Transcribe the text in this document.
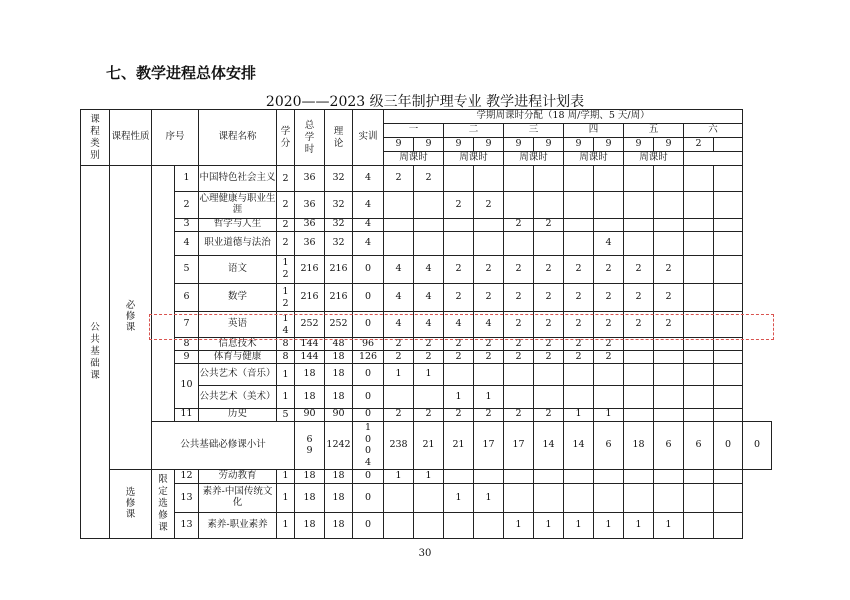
七、教学进程总体安排
2020——2023 级三年制护理专业 教学进程计划表
课程类别	课程性质	序号		课程名称	学分	总学时	理论	实训	学期周课时分配（18 周/学期、5 天/周）												
									一		二		三		四		五		六		
									9	9	9	9	9	9	9	9	9	9	2		
									周课时		周课时		周课时		周课时		周课时				
公共基础课	必修课		1	中国特色社会主义	2	36	32	4	2	2											
			2	心理健康与职业生涯	2	36	32	4			2	2									
			3	哲学与人生	2	36	32	4					2	2							
			4	职业道德与法治	2	36	32	4								4					
			5	语文	12	216	216	0	4	4	2	2	2	2	2	2	2	2			
			6	数学	12	216	216	0	4	4	2	2	2	2	2	2	2	2			
			7	英语	14	252	252	0	4	4	4	4	2	2	2	2	2	2			
			8	信息技术	8	144	48	96	2	2	2	2	2	2	2	2					
			9	体育与健康	8	144	18	126	2	2	2	2	2	2	2	2					
			10	公共艺术（音乐）	1	18	18	0	1	1											
				公共艺术（美术）	1	18	18	0			1	1									
			11	历史	5	90	90	0	2	2	2	2	2	2	1	1					
		公共基础必修课小计				69	1242	1004	238	21	21	17	17	14	14	6	18	6	6	0	0
	选修课	限定选修课	12	劳动教育	1	18	18	0	1	1											
			13	素养-中国传统文化	1	18	18	0			1	1									
			13	素养-职业素养	1	18	18	0					1	1	1	1	1	1			
30
